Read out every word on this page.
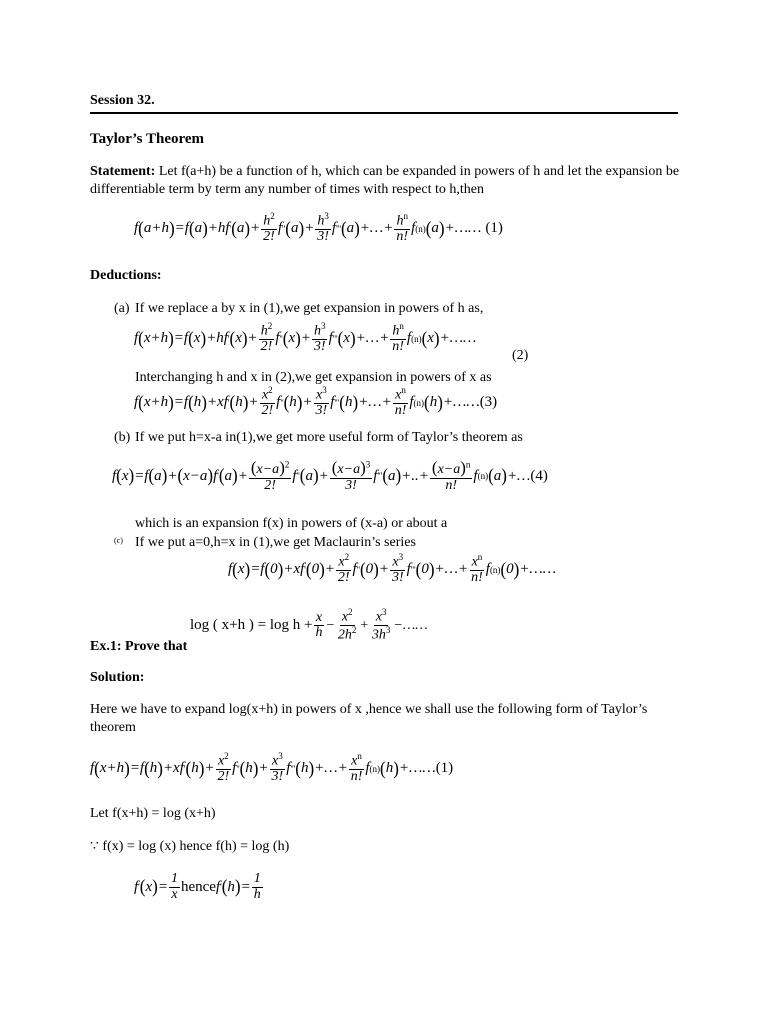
Session 32.
Taylor’s Theorem
Statement: Let f(a+h) be a function of h, which can be expanded in powers of h and let the expansion be
differentiable term by term any number of times with respect to h,then
f ( a+h ) =f ( a ) +hf ' ( a ) + $h^2$
2!
f '' ( a ) + $h^3$
3!
f ''' ( a ) +…+ $h^n$
n!
f (n) ( a ) +…… (1)
Deductions:
(a) If we replace a by x in (1),we get expansion in powers of h as,
f ( x+h ) =f ( x ) +hf ' ( x ) + $h^2$
2!
f '' ( x ) + $h^3$
3!
f ''' ( x ) +…+ $h^n$
n!
f (n) ( x ) +……
(2)
Interchanging h and x in (2),we get expansion in powers of x as
f ( x+h ) =f ( h ) +xf ' ( h ) + $x^2$
2!
f '' ( h ) + $x^3$
3!
f ''' ( h ) +…+ $x^n$
n!
f (n) ( h ) +…… (3)
(b) If we put h=x-a in(1),we get more useful form of Taylor’s theorem as
f ( x ) =f ( a ) + ( x−a ) f ' ( a ) + $(x-a)^2$
2!
f '' ( a ) + $(x-a)^3$
3!
f ''' ( a ) +..+ $(x-a)^n$
n!
f (n) ( a ) +… (4)
which is an expansion f(x) in powers of (x-a) or about a
(c) If we put a=0,h=x in (1),we get Maclaurin’s series
f ( x ) =f ( 0 ) +xf ' ( 0 ) + $x^2$
2!
f '' ( 0 ) + $x^3$
3!
f ''' ( 0 ) +…+ $x^n$
n!
f (n) ( 0 ) +……
log ( x+h ) = log h +
x
h −
$x^2$
$2h^2$ +
$x^3$
$3h^3$ −……
Ex.1: Prove that
Solution:
Here we have to expand log(x+h) in powers of x ,hence we shall use the following form of Taylor’s
theorem
f ( x+h ) =f ( h ) +xf ' ( h ) + $x^2$
2!
f '' ( h ) + $x^3$
3!
f ''' ( h ) +…+ $x^n$
n!
f (n) ( h ) +…… (1)
Let f(x+h) = log (x+h)
∵ f(x) = log (x) hence f(h) = log (h)
f ' ( x ) =
1
x hence f ' ( h ) =
1
h
